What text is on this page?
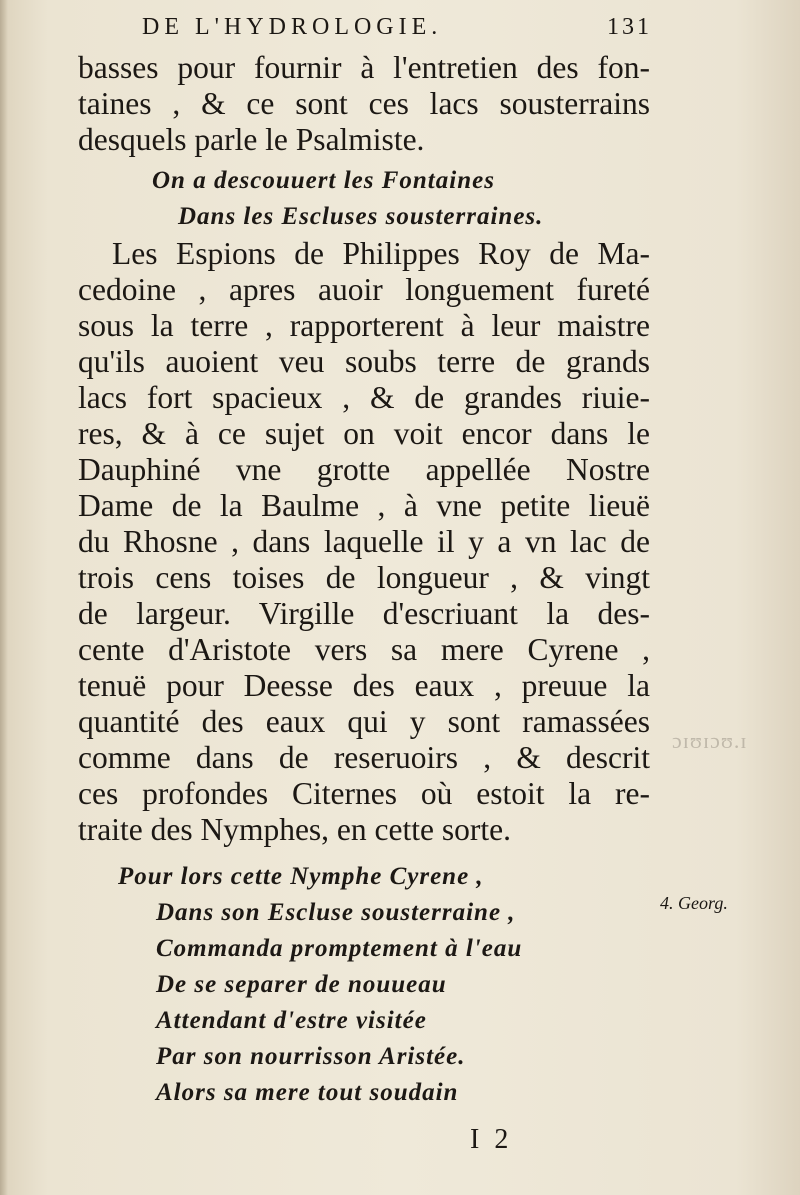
ɔɪʊɪɔʊ.ɪ
DE L'HYDROLOGIE.	131
basses pour fournir à l'entretien des fon-
taines , & ce sont ces lacs sousterrains
desquels parle le Psalmiste.
On a descouuert les Fontaines
Dans les Escluses sousterraines.
Les Espions de Philippes Roy de Ma-
cedoine , apres auoir longuement fureté
sous la terre , rapporterent à leur maistre
qu'ils auoient veu soubs terre de grands
lacs fort spacieux , & de grandes riuie-
res, & à ce sujet on voit encor dans le
Dauphiné vne grotte appellée Nostre
Dame de la Baulme , à vne petite lieuë
du Rhosne , dans laquelle il y a vn lac de
trois cens toises de longueur , & vingt
de largeur. Virgille d'escriuant la des-
cente d'Aristote vers sa mere Cyrene ,
tenuë pour Deesse des eaux , preuue la
quantité des eaux qui y sont ramassées
comme dans de reseruoirs , & descrit
ces profondes Citernes où estoit la re-
traite des Nymphes, en cette sorte.
Pour lors cette Nymphe Cyrene ,
Dans son Escluse sousterraine ,
Commanda promptement à l'eau
De se separer de nouueau
Attendant d'estre visitée
Par son nourrisson Aristée.
Alors sa mere tout soudain
4. Georg.
I 2
